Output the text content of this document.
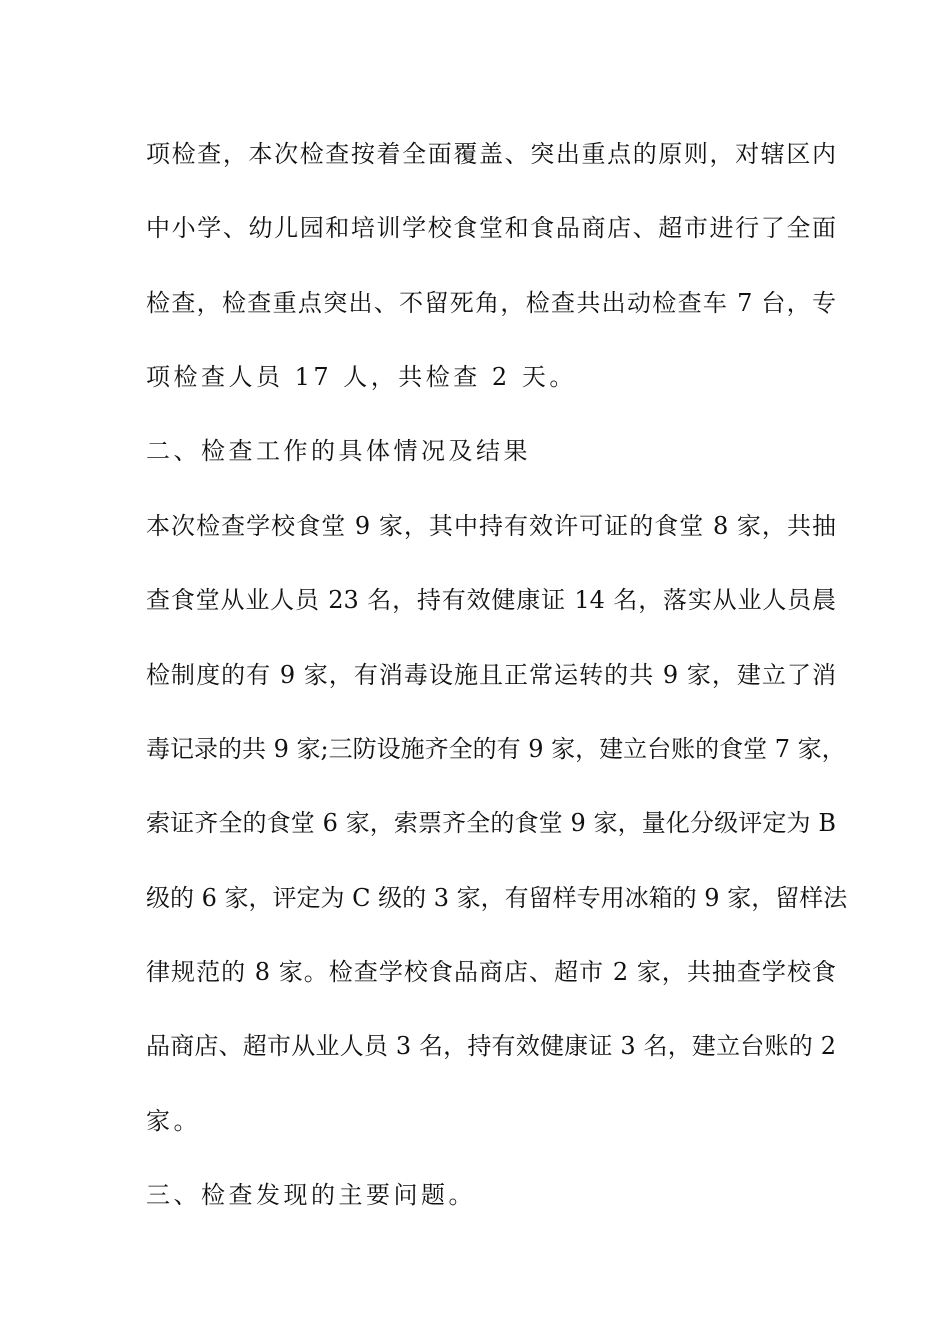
项检查，本次检查按着全面覆盖、突出重点的原则，对辖区内
中小学、幼儿园和培训学校食堂和食品商店、超市进行了全面
检查，检查重点突出、不留死角，检查共出动检查车 7 台，专
项检查人员 17 人，共检查 2 天。
二、检查工作的具体情况及结果
本次检查学校食堂 9 家，其中持有效许可证的食堂 8 家，共抽
查食堂从业人员 23 名，持有效健康证 14 名，落实从业人员晨
检制度的有 9 家，有消毒设施且正常运转的共 9 家，建立了消
毒记录的共 9 家;三防设施齐全的有 9 家，建立台账的食堂 7 家，
索证齐全的食堂 6 家，索票齐全的食堂 9 家，量化分级评定为 B
级的 6 家，评定为 C 级的 3 家，有留样专用冰箱的 9 家，留样法
律规范的 8 家。检查学校食品商店、超市 2 家，共抽查学校食
品商店、超市从业人员 3 名，持有效健康证 3 名，建立台账的 2
家。
三、检查发现的主要问题。
